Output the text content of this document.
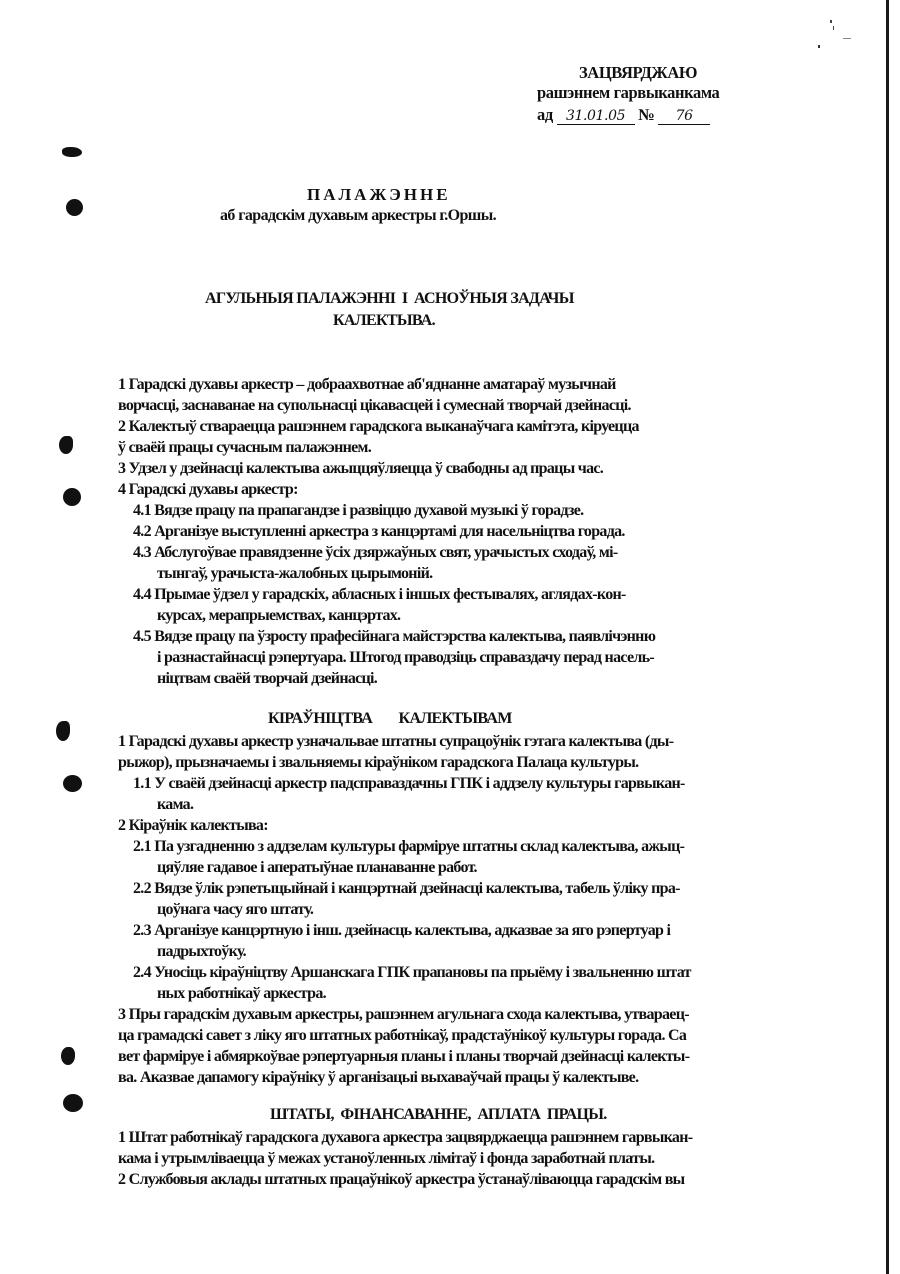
ЗАЦВЯРДЖАЮ
рашэннем гарвыканкама
ад 31.01.05 № 76
ПАЛАЖЭННЕ
аб гарадскім духавым аркестры г.Оршы.
АГУЛЬНЫЯ ПАЛАЖЭННІ  І  АСНОЎНЫЯ ЗАДАЧЫ
КАЛЕКТЫВА.
1 Гарадскі духавы аркестр – добраахвотнае аб'яднанне аматараў музычнай
ворчасці, заснаванае на супольнасці цікавасцей і сумеснай творчай дзейнасці.
2 Калектыў ствараецца рашэннем гарадскога выканаўчага камітэта, кіруецца
ў сваёй працы сучасным палажэннем.
3 Удзел у дзейнасці калектыва ажыццяўляецца ў свабодны ад працы час.
4 Гарадскі духавы аркестр:
4.1 Вядзе працу па прапагандзе і развіццю духавой музыкі ў горадзе.
4.2 Арганізуе выступленні аркестра з канцэртамі для насельніцтва горада.
4.3 Абслугоўвае правядзенне ўсіх дзяржаўных свят, урачыстых сходаў, мі-
тынгаў, урачыста-жалобных цырымоній.
4.4 Прымае ўдзел у гарадскіх, абласных і іншых фестывалях, аглядах-кон-
курсах, мерапрыемствах, канцэртах.
4.5 Вядзе працу па ўзросту прафесійнага майстэрства калектыва, паявлічэнню
і разнастайнасці рэпертуара. Штогод праводзіць справаздачу перад насель-
ніцтвам сваёй творчай дзейнасці.
КІРАЎНІЦТВА        КАЛЕКТЫВАМ
1 Гарадскі духавы аркестр узначальвае штатны супрацоўнік гэтага калектыва (ды-
рыжор), прызначаемы і звальняемы кіраўніком гарадскога Палаца культуры.
1.1 У сваёй дзейнасці аркестр падсправаздачны ГПК і аддзелу культуры гарвыкан-
кама.
2 Кіраўнік калектыва:
2.1 Па узгадненню з аддзелам культуры фарміруе штатны склад калектыва, ажыц-
цяўляе гадавое і аператыўнае планаванне работ.
2.2 Вядзе ўлік рэпетыцыйнай і канцэртнай дзейнасці калектыва, табель ўліку пра-
цоўнага часу яго штату.
2.3 Арганізуе канцэртную і інш. дзейнасць калектыва, адказвае за яго рэпертуар і
падрыхтоўку.
2.4 Уносіць кіраўніцтву Аршанскага ГПК прапановы па прыёму і звальненню штат
ных работнікаў аркестра.
3 Пры гарадскім духавым аркестры, рашэннем агульнага схода калектыва, утвараец-
ца грамадскі савет з ліку яго штатных работнікаў, прадстаўнікоў культуры горада. Са
вет фарміруе і абмяркоўвае рэпертуарныя планы і планы творчай дзейнасці калекты-
ва. Аказвае дапамогу кіраўніку ў арганізацыі выхаваўчай працы ў калектыве.
ШТАТЫ,  ФІНАНСАВАННЕ,  АПЛАТА  ПРАЦЫ.
1 Штат работнікаў гарадскога духавога аркестра зацвярджаецца рашэннем гарвыкан-
кама і утрымліваецца ў межах устаноўленных лімітаў і фонда заработнай платы.
2 Службовыя аклады штатных працаўнікоў аркестра ўстанаўліваюцца гарадскім вы
